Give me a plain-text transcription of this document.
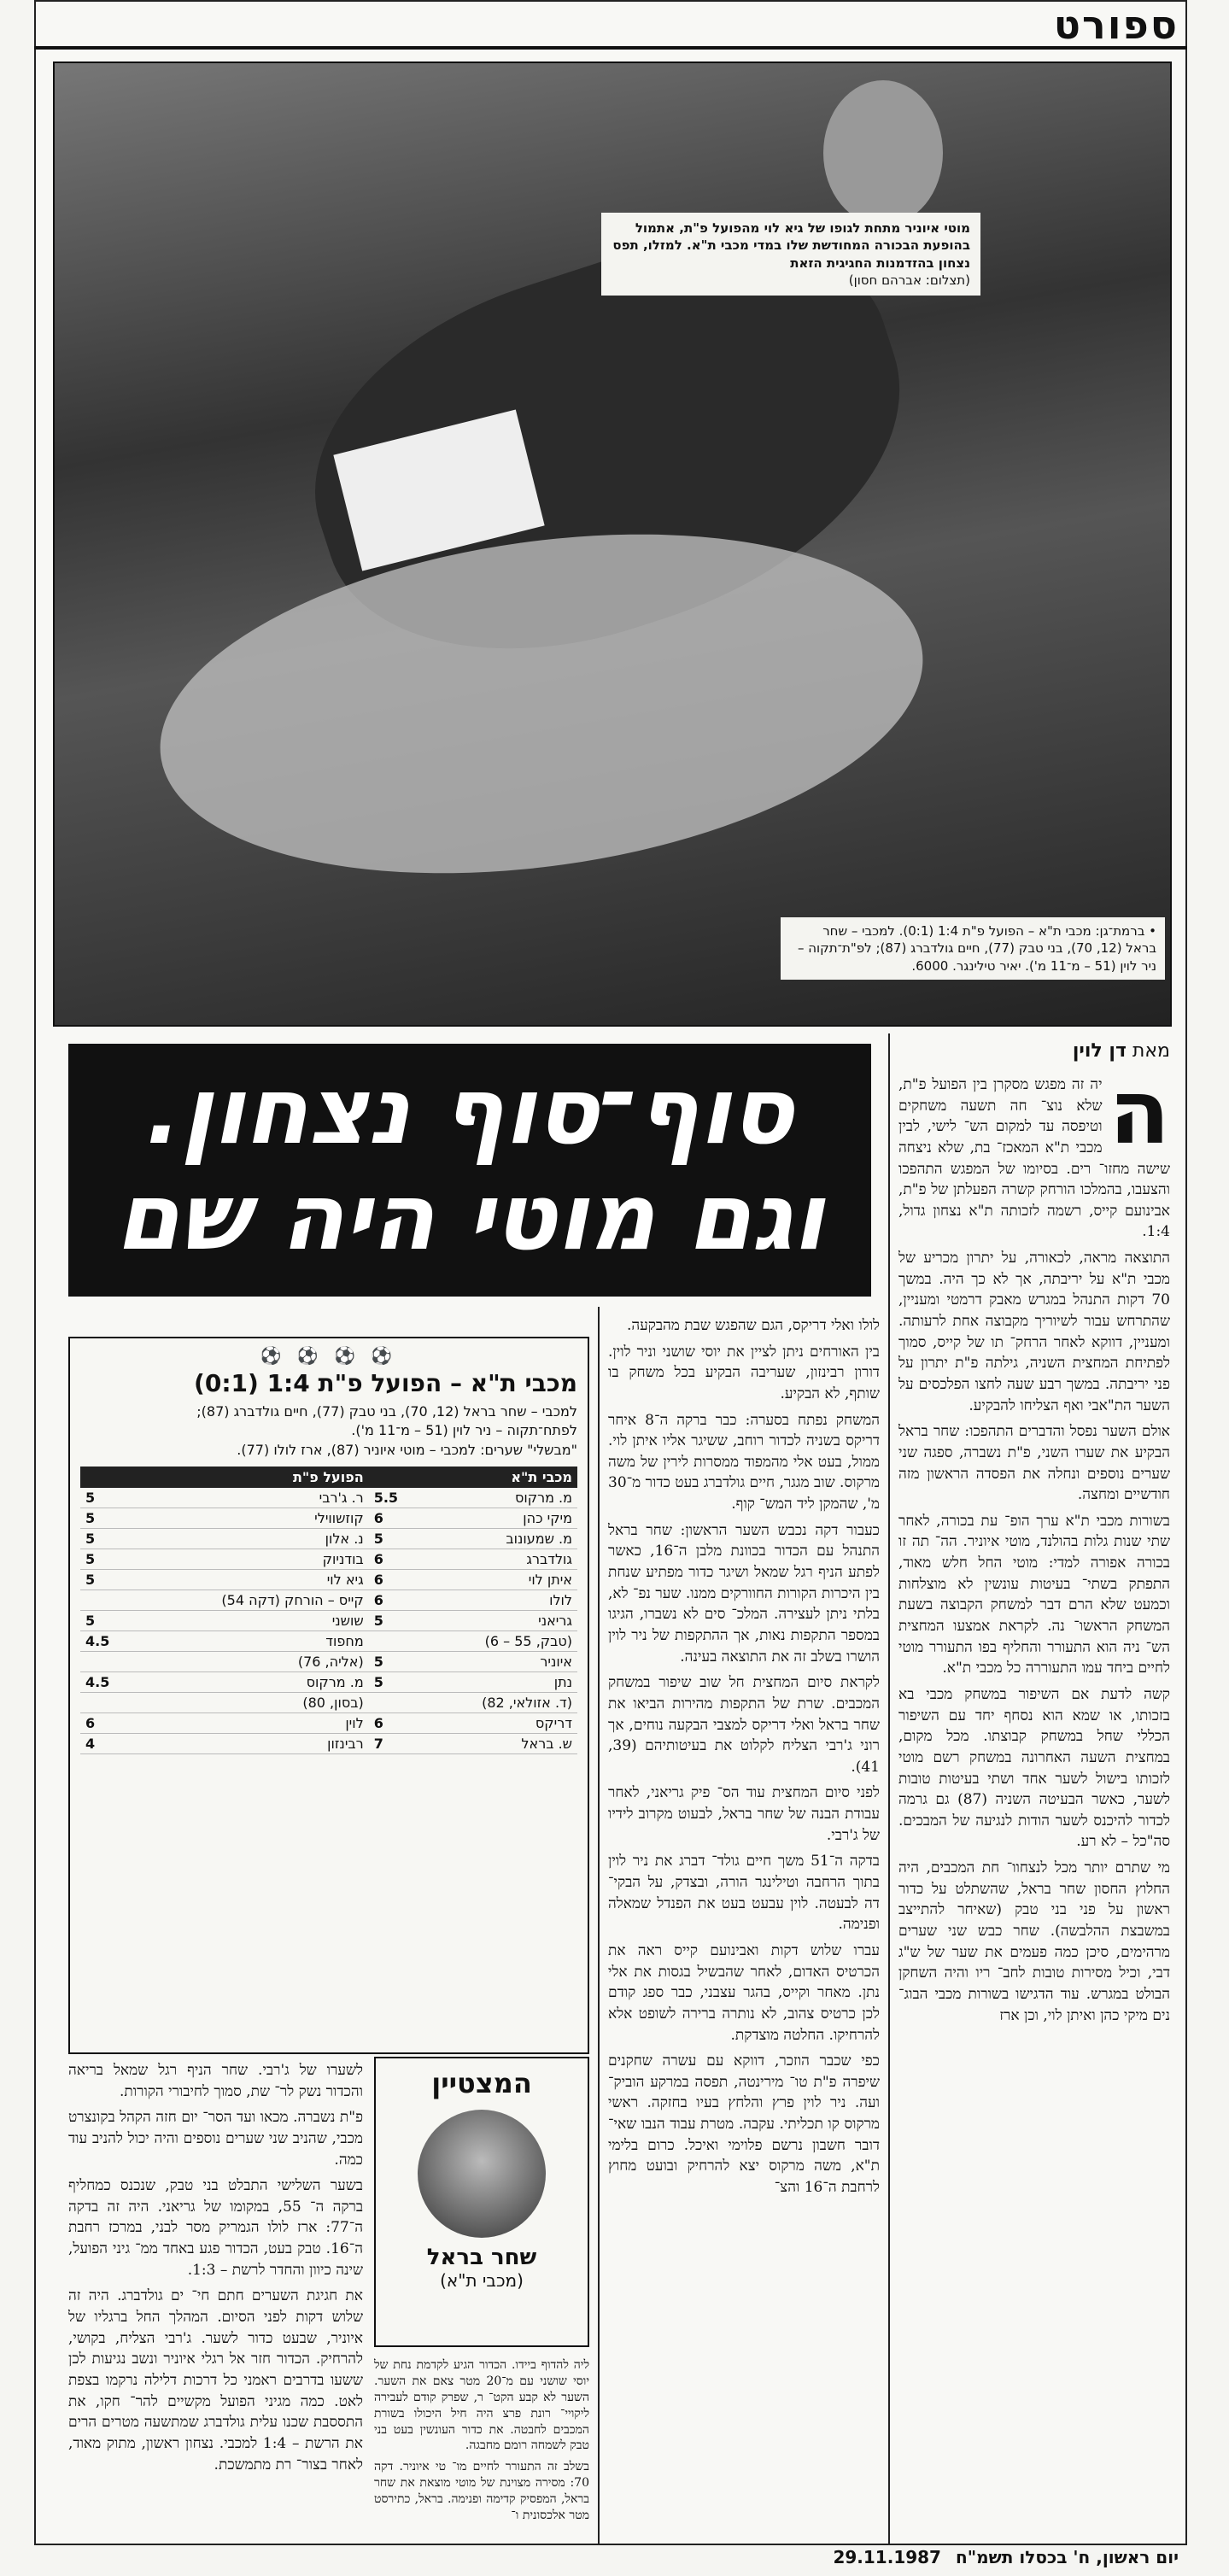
ספורט
מוטי איוניר מתחת לגופו של גיא לוי מהפועל פ"ת, אתמול בהופעת הבכורה המחודשת שלו במדי מכבי ת"א. למזלו, תפס נצחון בהזדמנות החגיגית הזאת
(תצלום: אברהם חסון)
• ברמת־גן: מכבי ת"א – הפועל פ"ת 1:4 (0:1). למכבי – שחר בראל (12, 70), בני טבק (77), חיים גולדברג (87); לפ"ת־תקוה – ניר לוין (51 – מ־11 מ'). יאיר טילינגר. 6000.
סוף־סוף נצחון.
וגם מוטי היה שם
מאת דן לוין

ה
יה זה מפגש מסקרן בין הפועל פ"ת, שלא נוצ־ חה תשעה משחקים וטיפסה עד למקום הש־ לישי, לבין מכבי ת"א המאכז־ בת, שלא ניצחה שישה מחזו־ רים. בסיומו של המפגש התהפכו והצעבו, בהמלכו הורחק קשרה הפעלתן של פ"ת, אבינועם קייס, רשמה לזכותה ת"א נצחון גדול, 1:4.

התוצאה מראה, לכאורה, על יתרון מכריע של מכבי ת"א על יריבתה, אך לא כך היה. במשך 70 דקות התנהל במגרש מאבק דרמטי ומעניין, שהתרחש עבור לשיוריך מקבוצה אחת לרעותה. ומעניין, דווקא לאחר הרחק־ תו של קייס, סמוך לפתיחת המחצית השניה, גילתה פ"ת יתרון על פני יריבתה. במשך רבע שעה לחצו הפלכסים על השער הת"אבי ואף הצליחו להבקיע.

אולם השער נפסל והדברים התהפכו: שחר בראל הבקיע את שערו השני, פ"ת נשברה, ספגה שני שערים נוספים ונחלה את הפסדה הראשון מזה חודשיים ומחצה.

בשורות מכבי ת"א ערך הופ־ עת בכורה, לאחר שתי שנות גלות בהולנד, מוטי איוניר. הה־ תה זו בכורה אפורה למדי: מוטי החל חלש מאוד, התפתק בשתי־ בעיטות עונשין לא מוצלחות וכמעט שלא הרם דבר למשחק הקבוצה בשעת המשחק הראשו־ נה. לקראת אמצעו המחצית הש־ ניה הוא התעורר והחליף בפו התעורר מוטי לחיים ביחד עמו התעוררה כל מכבי ת"א.

קשה לדעת אם השיפור במשחק מכבי בא בזכותו, או שמא הוא נסחף יחד עם השיפור הכללי שחל במשחק קבוצתו. מכל מקום, במחצית השעה האחרונה במשחק רשם מוטי לזכותו בישול לשער אחד ושתי בעיטות טובות לשער, כאשר הבעיטה השניה (87) גם גרמה לכדור להיכנס לשער הודות לנגיעה של המבכים. סה"כל – לא רע.

מי שתרם יותר מכל לנצחוו־ חת המכבים, היה החלוץ החסון שחר בראל, שהשתלט על כדור ראשון על פני בני טבק (שאיחר להתייצב במשבצת ההלבשה). שחר כבש שני שערים מרהימים, סיכן כמה פעמים את שער של ש"ג דבי, וכיל מסירות טובות לחב־ ריו והיה השחקן הבולט במגרש. עוד הדגישו בשורות מכבי הבוג־ נים מיקי כהן ואיתן לוי, וכן ארז

לולו ואלי דריקס, הגם שהפגש שבת מהבקעה.

בין האורחים ניתן לציין את יוסי שושני וניר לוין. דורון רבינזון, שעריבה הבקיע בכל משחק בו שותף, לא הבקיע.

המשחק נפתח בסערה: כבר ברקה ה־8 איחר דריקס בשניה לכדור רוחב, ששיגר אליו איתן לוי. ממול, בעט אלי מהמפוד ממסרות לירין של משה מרקוס. שוב מגגר, חיים גולדברג בעט כדור מ־30 מ', שהמקן ליד המש־ קוף.

כעבור דקה נכבש השער הראשון: שחר בראל התנהל עם הכדור בכוונת מלבן ה־16, כאשר לפתע הניף רגל שמאל ושיגר כדור מפתיע שנחת בין היכרות הקורות החוורקים ממנו. שער נפ־ לא, בלתי ניתן לעצירה. המלכ־ סים לא נשברו, הגיגו במספר התקפות נאות, אך ההתקפות של ניר לוין הושרו בשלב זה את התוצאה בעינה.

לקראת סיום המחצית חל שוב שיפור במשחק המכבים. שרת של התקפות מהירות הביאו את שחר בראל ואלי דריקס למצבי הבקעה נוחים, אך רוני ג'רבי הצליח לקלוט את בעיטותיהם (39, 41).

לפני סיום המחצית עוד הס־ פיק גריאני, לאחר עבודת הבנה של שחר בראל, לבעוט מקרוב לידיו של ג'רבי.

בדקה ה־51 משך חיים גולד־ דברג את ניר לוין בתוך הרחבה וטילינגר הורה, ובצדק, על הבקי־ דה לבעטה. לוין עבעט בעט את הפנדל שמאלה ופנימה.

עברו שלוש דקות ואבינועם קייס ראה את הכרטיס האדום, לאחר שהבשיל בגסות את אלי נתן. מאחר וקייס, בהגר עצבני, כבר ספג קודם לכן כרטיס צהוב, לא נותרה ברירה לשופט אלא להרחיקו. החלטה מוצדקת.

כפי שכבר הוזכר, דווקא עם עשרה שחקנים שיפרה פ"ת טו־ מירינטה, תפסה במרקע הוביק־ ועה. ניר לוין פרץ והלחץ בעיו בחזקה. ראשי מרקוס קו תכליתי. עקבה. מטרת עבוד הנבו שאי־ דובר חשבון נרשם פלוימי ואיכל. כרום בלימי ת"א, משה מרקוס יצא להרחיק ובועט מחוץ לרחבת ה־16 והצ־

⚽ ⚽ ⚽ ⚽
מכבי ת"א – הפועל פ"ת 1:4 (0:1)

למכבי – שחר בראל (12, 70), בני טבק (77), חיים גולדברג (87);

לפתח־תקוה – ניר לוין (51 – מ־11 מ').

"מבשלי" שערים: למכבי – מוטי איוניר (87), ארז לולו (77).

מכבי ת"א		הפועל פ"ת	
מ. מרקוס	5.5	ר. ג'רבי	5
מיקי כהן	6	קוזשווילי	5
מ. שמעונוב	5	נ. אלון	5
גולדברג	6	בודניוק	5
איתן לוי	6	גיא לוי	5
לולו	6	קייס – הורחק (דקה 54)	
גריאני	5	שושני	5
(טבק, 55 – 6)		מחפוד	4.5
איוניר	5	(אליה, 76)	
נתן	5	מ. מרקוס	4.5
(ד. אזולאי, 82)		(בסון, 80)	
דריקס	6	לוין	6
ש. בראל	7	רבינזון	4
המצטיין
שחר בראל
(מכבי ת"א)

לשערו של ג'רבי. שחר הניף רגל שמאל בריאה והכדור נשק לר־ שת, סמוך לחיבורי הקורות.

פ"ת נשברה. מכאו ועד הסר־ יום חזה הקהל בקונצרט מכבי, שהניב שני שערים נוספים והיה יכול להניב עוד כמה.

בשער השלישי התבלט בני טבק, שנכנס כמחליף ברקה ה־ 55, במקומו של גריאני. היה זה בדקה ה־77: ארז לולו הגמריק מסר לבני, במרכז רחבת ה־16. טבק בעט, הכדור פגע באחד ממ־ גיני הפועל, שינה כיוון והחדר לרשת – 1:3.

את חגיגת השערים חתם חי־ ים גולדברג. היה זה שלוש דקות לפני הסיום. המהלך החל ברגליו של איוניר, שבעט כדור לשער. ג'רבי הצליח, בקושי, להרחיק. הכדור חזר אל רגלי איוניר ונשב נגיעות לכן ששעו בדרבים ראמני כל דרכות דלילה נרקמו בצפת לאט. כמה מגיני הפועל מקשיים להר־ חקו, את התססבת שכנו עלית גולדברג שמתשעה מטרים הרים את הרשת – 1:4 למכבי. נצחון ראשון, מתוק מאוד, לאחר בצור־ רת מתמשכת.

ליה להדוף ביידו. הכדור הגיע לקדמת נחת של יוסי שושני עם מ־20 מטר צאם את השער. השער לא קבע הקט־ ר, שפרק קודם לעבירה ליקויי־ רונת פרצ היה חיל היכולו בשורת המכבים לחבטה. את כדור העונשין בעט בני טבק לשמחה רומם מחבגה.

בשלב זה התעורר לחיים מו־ טי איוניר. דקה 70: מסירה מצוינת של מוטי מוצאת את שחר בראל, המפסיק קדימה ופנימה. בראל, כתירסט מטר אלכסונית ו־

יום ראשון, ח' בכסלו תשמ"ח 29.11.1987
